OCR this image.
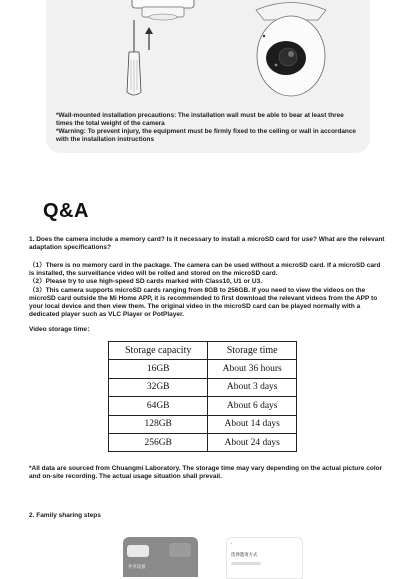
*Wall-mounted installation precautions: The installation wall must be able to bear at least three times the total weight of the camera
*Warning: To prevent injury, the equipment must be firmly fixed to the ceiling or wall in accordance with the installation instructions
Q&A

1. Does the camera include a memory card? Is it necessary to install a microSD card for use? What are the relevant adaptation specifications?

（1）There is no memory card in the package. The camera can be used without a microSD card. If a microSD card is installed, the surveillance video will be rolled and stored on the microSD card.

（2）Please try to use high-speed SD cards marked with Class10, U1 or U3.

（3）This camera supports microSD cards ranging from 8GB to 256GB. If you need to view the videos on the microSD card outside the Mi Home APP, it is recommended to first download the relevant videos from the APP to your local device and then view them. The original video in the microSD card can be played normally with a dedicated player such as VLC Player or PotPlayer.

Video storage time：
Storage capacity	Storage time
16GB	About 36 hours
32GB	About 3 days
64GB	About 6 days
128GB	About 14 days
256GB	About 24 days
*All data are sourced from Chuangmi Laboratory. The storage time may vary depending on the actual picture color and on-site recording. The actual usage situation shall prevail.
2. Family sharing steps
共享设备
‹
选择邀请方式
